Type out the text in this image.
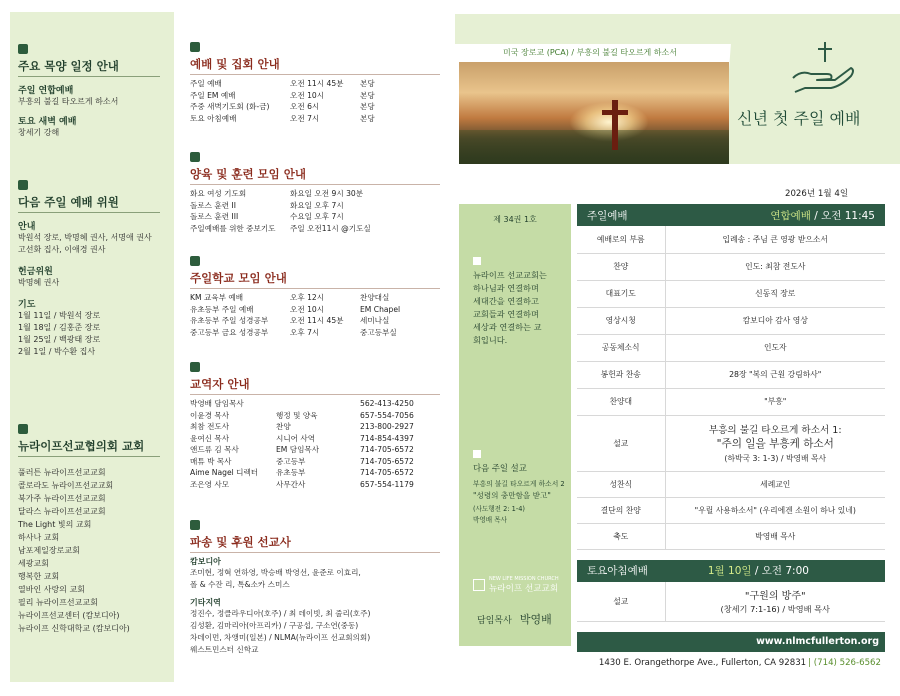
주요 목양 일정 안내
주일 연합예배
부흥의 불길 타오르게 하소서
토요 새벽 예배
창세기 강해
다음 주일 예배 위원
안내
박원석 장로, 박명혜 권사, 서명애 권사
고선화 집사, 이애경 권사
헌금위원
박명혜 권사
기도
1월 11일 / 박원석 장로
1월 18일 / 김홍준 장로
1월 25일 / 백광태 장로
2월 1일 / 박수환 집사
뉴라이프선교협의회 교회
풀러튼 뉴라이프선교교회
콜로라도 뉴라이프선교교회
북가주 뉴라이프선교교회
달라스 뉴라이프선교교회
The Light 빛의 교회
하사나 교회
남포제일장로교회
세광교회
행복한 교회
열바인 사랑의 교회
필리 뉴라이프선교교회
뉴라이프선교센터 (캄보디아)
뉴라이프 신학대학교 (캄보디아)
예배 및 집회 안내
주일 예배	오전 11시 45분	본당
주일 EM 예배	오전 10시	본당
주중 새벽기도회 (화-금)	오전 6시	본당
토요 아침예배	오전 7시	본당
양육 및 훈련 모임 안내
화요 여성 기도회	화요일 오전 9시 30분
돌로스 훈련 II	화요일 오후 7시
돌로스 훈련 III	수요일 오후 7시
주일예배를 위한 중보기도	주일 오전11시 @기도실
주일학교 모임 안내
KM 교육부 예배	오후 12시	찬양대실
유초등부 주일 예배	오전 10시	EM Chapel
유초등부 주일 성경공부	오전 11시 45분	세미나실
중고등부 금요 성경공부	오후 7시	중고등부실
교역자 안내
박영배 담임목사		562-413-4250
이윤경 목사	행정 및 양육	657-554-7056
최참 전도사	찬양	213-800-2927
윤여신 목사	시니어 사역	714-854-4397
앤드류 김 목사	EM 담임목사	714-705-6572
매튜 박 목사	중고등부	714-705-6572
Aime Nagel 디렉터	유초등부	714-705-6572
조은영 사모	사무간사	657-554-1179
파송 및 후원 선교사
캄보디아
조미현, 정혁 연하영, 박승배 박영선, 윤준로 이효리,
폴 & 수잔 리, 톡&소카 스미스
기타지역
정진수, 정클라우디아(호주) / 최 데이빗, 최 줄리(호주)
김성환, 김마리아(아프리카) / 구공섭, 구소연(중동)
차데이먼, 차앵미(일본) / NLMA(뉴라이프 선교회의회)
웨스트민스터 신학교
미국 장로교 (PCA) / 부흥의 불길 타오르게 하소서
신년 첫 주일 예배
2026년 1월 4일
제 34권 1호
뉴라이프 선교교회는
하나님과 연결하며
세대간을 연결하고
교회들과 연결하며
세상과 연결하는 교
회입니다.
다음 주일 설교
부흥의 불길 타오르게 하소서 2
"성령의 충만함을 받고"
(사도행전 2: 1-4)
박영배 목사
NEW LIFE MISSION CHURCH
뉴라이프 선교교회
담임목사 박영배
주일예배	연합예배 / 오전 11:45
예배로의 부름	입례송 : 주님 큰 영광 받으소서
찬양	인도: 최참 전도사
대표기도	신동직 장로
영상시청	캄보디아 감사 영상
공동체소식	인도자
봉헌과 찬송	28장 "복의 근원 강림하사"
찬양대	"부흥"
설교	부흥의 불길 타오르게 하소서 1:
"주의 일을 부흥케 하소서
(하박국 3: 1-3) / 박영배 목사

성찬식	세례교인
결단의 찬양	"우릴 사용하소서" (우리에겐 소원이 하나 있네)
축도	박영배 목사
토요아침예배	1월 10일 / 오전 7:00
설교	"구원의 방주"
(창세기 7:1-16) / 박영배 목사
www.nlmcfullerton.org
1430 E. Orangethorpe Ave., Fullerton, CA 92831 | (714) 526-6562
